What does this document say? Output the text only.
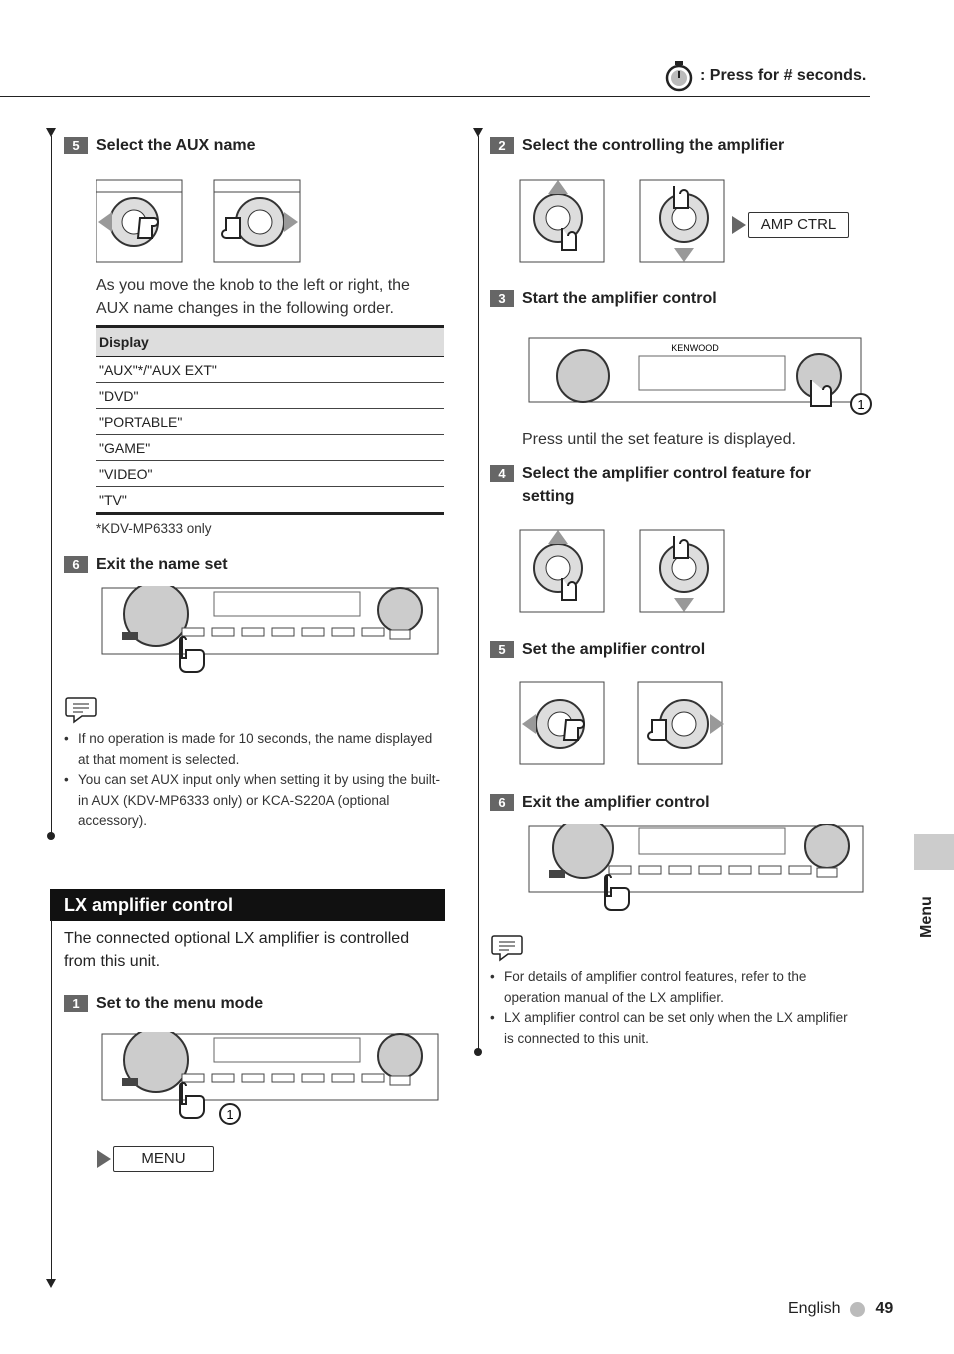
: Press for # seconds.
5	Select the AUX name
As you move the knob to the left or right, the AUX name changes in the following order.
Display
"AUX"*/"AUX EXT"
"DVD"
"PORTABLE"
"GAME"
"VIDEO"
"TV"
*KDV-MP6333 only
6	Exit the name set
• If no operation is made for 10 seconds, the name displayed at that moment is selected.
• You can set AUX input only when setting it by using the built-in AUX (KDV-MP6333 only) or KCA-S220A (optional accessory).
LX amplifier control
The connected optional LX amplifier is controlled from this unit.
1	Set to the menu mode
1
MENU
2	Select the controlling the amplifier
AMP CTRL
3	Start the amplifier control
KENWOOD
1
Press until the set feature is displayed.
4	Select the amplifier control feature for setting
5	Set the amplifier control
6	Exit the amplifier control
• For details of amplifier control features, refer to the operation manual of the LX amplifier.
• LX amplifier control can be set only when the LX amplifier is connected to this unit.
Menu
English 49
